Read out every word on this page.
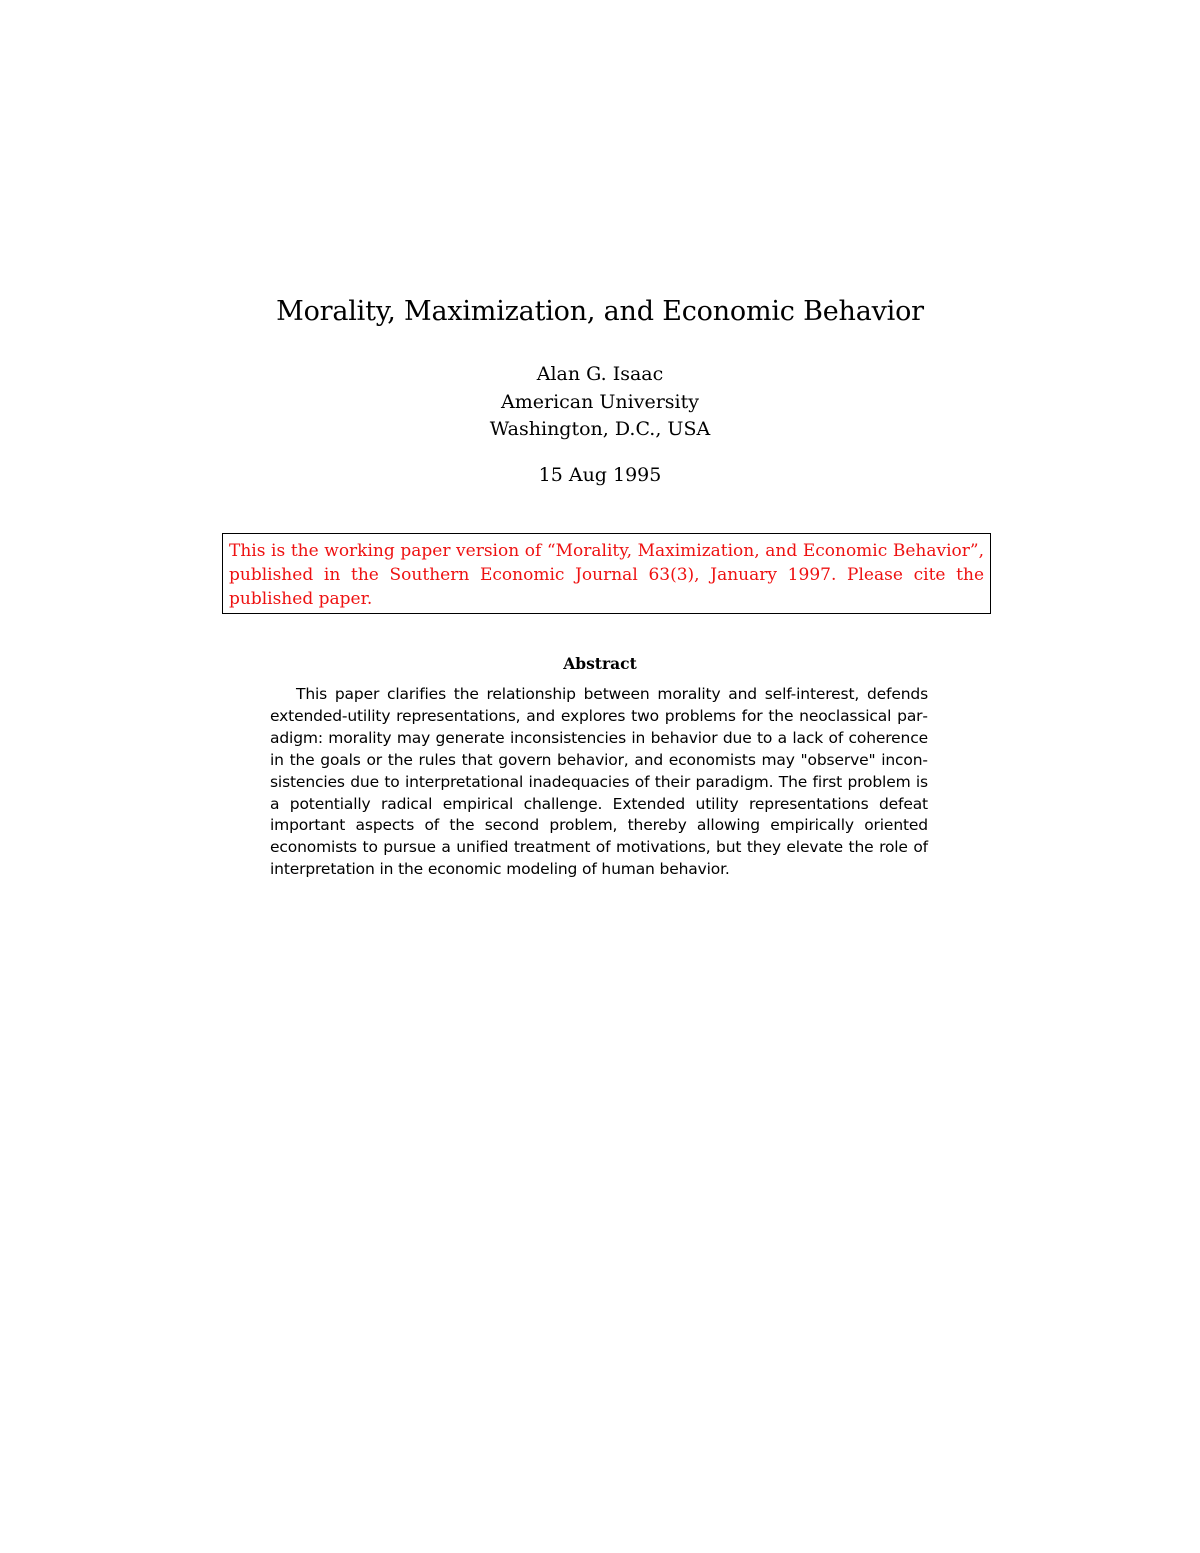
Morality, Maximization, and Economic Behavior
Alan G. Isaac
American University
Washington, D.C., USA
15 Aug 1995
This is the working paper version of “Morality, Maximization, and Economic Behavior”, published in the Southern Economic Journal 63(3), January 1997. Please cite the published paper.
Abstract
This paper clarifies the relationship between morality and self-interest, defends extended-utility representations, and explores two problems for the neoclassical paradigm: morality may generate inconsistencies in behavior due to a lack of coherence in the goals or the rules that govern behavior, and economists may "observe" inconsistencies due to interpretational inadequacies of their paradigm. The first problem is a potentially radical empirical challenge. Extended utility representations defeat important aspects of the second problem, thereby allowing empirically oriented economists to pursue a unified treatment of motivations, but they elevate the role of interpretation in the economic modeling of human behavior.
